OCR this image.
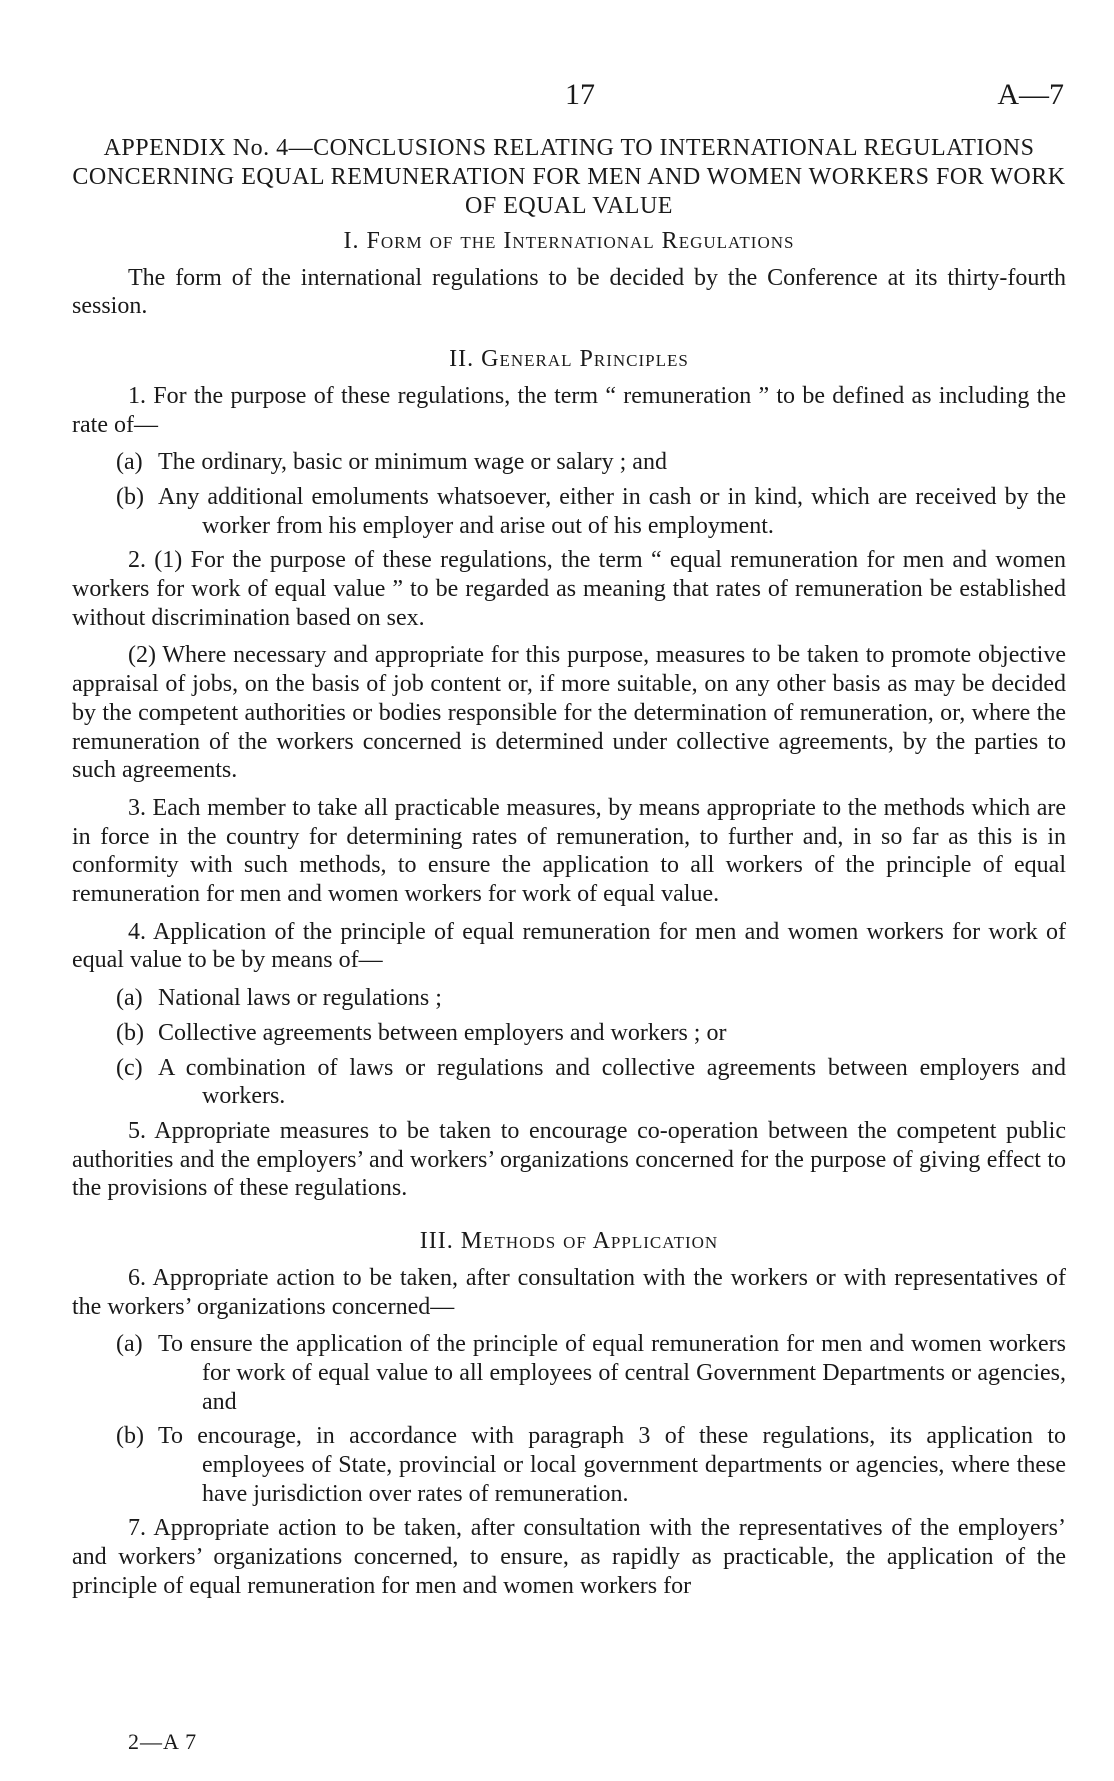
17	A—7

APPENDIX No. 4—CONCLUSIONS RELATING TO INTERNATIONAL REGULATIONS CONCERNING EQUAL REMUNERATION FOR MEN AND WOMEN WORKERS FOR WORK OF EQUAL VALUE

I. Form of the International Regulations

The form of the international regulations to be decided by the Conference at its thirty-fourth session.

II. General Principles

1. For the purpose of these regulations, the term “ remuneration ” to be defined as including the rate of—

(a) The ordinary, basic or minimum wage or salary ; and

(b) Any additional emoluments whatsoever, either in cash or in kind, which are received by the worker from his employer and arise out of his employment.

2. (1) For the purpose of these regulations, the term “ equal remuneration for men and women workers for work of equal value ” to be regarded as meaning that rates of remuneration be established without discrimination based on sex.

(2) Where necessary and appropriate for this purpose, measures to be taken to promote objective appraisal of jobs, on the basis of job content or, if more suitable, on any other basis as may be decided by the competent authorities or bodies responsible for the determination of remuneration, or, where the remuneration of the workers concerned is determined under collective agreements, by the parties to such agreements.

3. Each member to take all practicable measures, by means appropriate to the methods which are in force in the country for determining rates of remuneration, to further and, in so far as this is in conformity with such methods, to ensure the application to all workers of the principle of equal remuneration for men and women workers for work of equal value.

4. Application of the principle of equal remuneration for men and women workers for work of equal value to be by means of—

(a) National laws or regulations ;

(b) Collective agreements between employers and workers ; or

(c) A combination of laws or regulations and collective agreements between employers and workers.

5. Appropriate measures to be taken to encourage co-operation between the competent public authorities and the employers’ and workers’ organizations concerned for the purpose of giving effect to the provisions of these regulations.

III. Methods of Application

6. Appropriate action to be taken, after consultation with the workers or with representatives of the workers’ organizations concerned—

(a) To ensure the application of the principle of equal remuneration for men and women workers for work of equal value to all employees of central Government Departments or agencies, and

(b) To encourage, in accordance with paragraph 3 of these regulations, its application to employees of State, provincial or local government departments or agencies, where these have jurisdiction over rates of remuneration.

7. Appropriate action to be taken, after consultation with the representatives of the employers’ and workers’ organizations concerned, to ensure, as rapidly as practicable, the application of the principle of equal remuneration for men and women workers for

2—A 7
